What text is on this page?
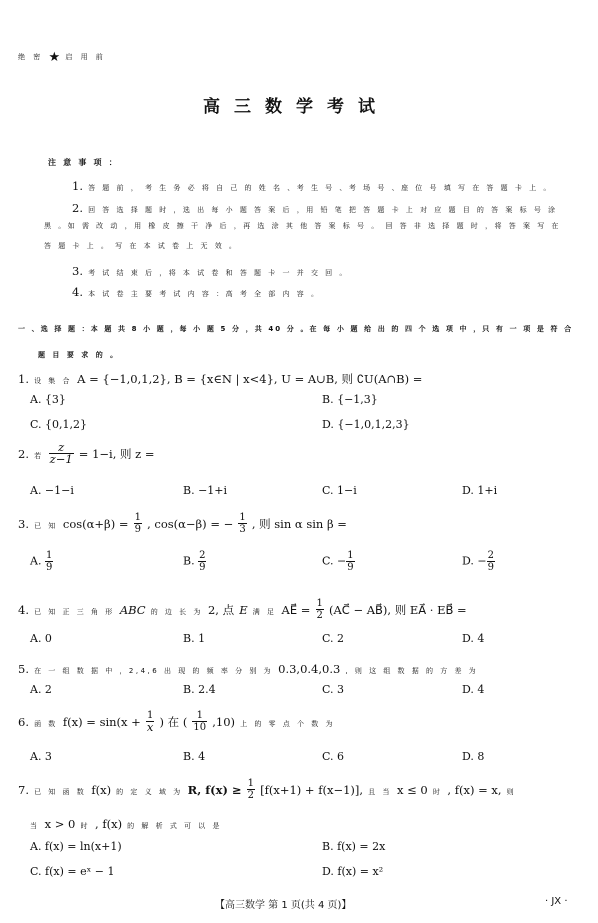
绝 密 ★ 启 用 前
高三数学考试
注 意 事 项 ：
1. 答 题 前 ， 考 生 务 必 将 自 己 的 姓 名 、考 生 号 、考 场 号 、座 位 号 填 写 在 答 题 卡 上 。
2. 回 答 选 择 题 时 ，选 出 每 小 题 答 案 后 ，用 铅 笔 把 答 题 卡 上 对 应 题 目 的 答 案 标 号 涂
黑 。如 需 改 动 ，用 橡 皮 擦 干 净 后 ，再 选 涂 其 他 答 案 标 号 。 回 答 非 选 择 题 时 ，将 答 案 写 在
答 题 卡 上 。 写 在 本 试 卷 上 无 效 。
3. 考 试 结 束 后 ，将 本 试 卷 和 答 题 卡 一 并 交 回 。
4. 本 试 卷 主 要 考 试 内 容 ：高 考 全 部 内 容 。
一 、选 择 题 ：本 题 共 8 小 题 ，每 小 题 5 分 ，共 40 分 。在 每 小 题 给 出 的 四 个 选 项 中 ，只 有 一 项 是 符 合
题 目 要 求 的 。
1. 设 集 合 A = {−1,0,1,2}, B = {x∈N | x<4}, U = A∪B, 则 ∁U(A∩B) =
A. {3}	B. {−1,3}
C. {0,1,2}	D. {−1,0,1,2,3}
2. 若 $\frac{z}{z-1} = 1-i$, 则 z =
A. −1−i	B. −1+i	C. 1−i	D. 1+i
3. 已 知 $\cos(\alpha+\beta) = \frac{1}{9}$ , cos(α−β) = − $\frac{1}{3}$ , 则 sin α sin β =
A. $\frac{1}{9}$	B. $\frac{2}{9}$	C. − $\frac{1}{9}$	D. − $\frac{2}{9}$
4. 已 知 正 三 角 形 ABC 的 边 长 为 2, 点 E 满 足 AE⃗ = $\frac{1}{2}$ (AC⃗ − AB⃗), 则 EA⃗ · EB⃗ =
A. 0	B. 1	C. 2	D. 4
5. 在 一 组 数 据 中 ，2,4,6 出 现 的 频 率 分 别 为 0.3,0.4,0.3 , 则 这 组 数 据 的 方 差 为
A. 2	B. 2.4	C. 3	D. 4
6. 函 数 $f(x) = \sin(x + \frac{1}{x}$ ) 在 ( $\frac{1}{10} ,10$) 上 的 零 点 个 数 为
A. 3	B. 4	C. 6	D. 8
7. 已 知 函 数 f(x) 的 定 义 域 为 R, $f(x) \ge \frac{1}{2} [f(x+1) + f(x-1)]$, 且 当 x ≤ 0 时 , f(x) = x, 则
当 x > 0 时 , f(x) 的 解 析 式 可 以 是
A. f(x) = ln(x+1)	B. f(x) = 2x
C. f(x) = eˣ − 1	D. f(x) = x²
【高三数学 第 1 页(共 4 页)】	· JX ·
